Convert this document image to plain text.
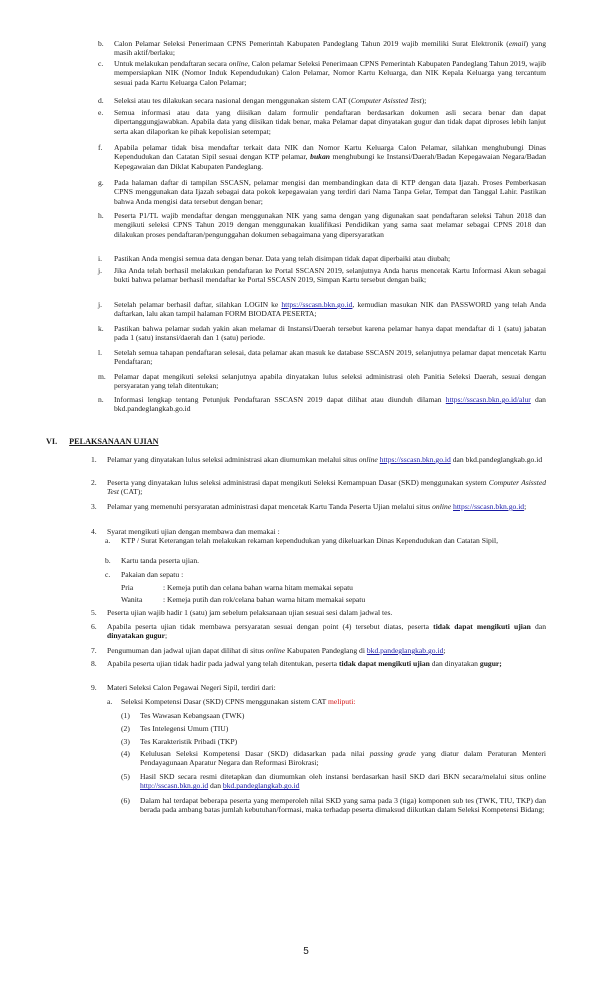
b.	Calon Pelamar Seleksi Penerimaan CPNS Pemerintah Kabupaten Pandeglang Tahun 2019 wajib memiliki Surat Elektronik (email) yang masih aktif/berlaku;
c.	Untuk melakukan pendaftaran secara online, Calon pelamar Seleksi Penerimaan CPNS Pemerintah Kabupaten Pandeglang Tahun 2019, wajib mempersiapkan NIK (Nomor Induk Kependudukan) Calon Pelamar, Nomor Kartu Keluarga, dan NIK Kepala Keluarga yang tercantum sesuai pada Kartu Keluarga Calon Pelamar;
d.	Seleksi atau tes dilakukan secara nasional dengan menggunakan sistem CAT (Computer Asissted Test);
e.	Semua informasi atau data yang diisikan dalam formulir pendaftaran berdasarkan dokumen asli secara benar dan dapat dipertanggungjawabkan. Apabila data yang diisikan tidak benar, maka Pelamar dapat dinyatakan gugur dan tidak dapat diproses lebih lanjut serta akan dilaporkan ke pihak kepolisian setempat;
f.	Apabila pelamar tidak bisa mendaftar terkait data NIK dan Nomor Kartu Keluarga Calon Pelamar, silahkan menghubungi Dinas Kependudukan dan Catatan Sipil sesuai dengan KTP pelamar, bukan menghubungi ke Instansi/Daerah/Badan Kepegawaian Negara/Badan Kepegawaian dan Diklat Kabupaten Pandeglang.
g.	Pada halaman daftar di tampilan SSCASN, pelamar mengisi dan membandingkan data di KTP dengan data Ijazah. Proses Pemberkasan CPNS menggunakan data Ijazah sebagai data pokok kepegawaian yang terdiri dari Nama Tanpa Gelar, Tempat dan Tanggal Lahir. Pastikan bahwa Anda mengisi data tersebut dengan benar;
h.	Peserta P1/TL wajib mendaftar dengan menggunakan NIK yang sama dengan yang digunakan saat pendaftaran seleksi Tahun 2018 dan mengikuti seleksi CPNS Tahun 2019 dengan menggunakan kualifikasi Pendidikan yang sama saat melamar sebagai CPNS 2018 dan dilakukan proses pendaftaran/pengunggahan dokumen sebagaimana yang dipersyaratkan
i.	Pastikan Anda mengisi semua data dengan benar. Data yang telah disimpan tidak dapat diperbaiki atau diubah;
j.	Jika Anda telah berhasil melakukan pendaftaran ke Portal SSCASN 2019, selanjutnya Anda harus mencetak Kartu Informasi Akun sebagai bukti bahwa pelamar berhasil mendaftar ke Portal SSCASN 2019, Simpan Kartu tersebut dengan baik;
j.	Setelah pelamar berhasil daftar, silahkan LOGIN ke https://sscasn.bkn.go.id, kemudian masukan NIK dan PASSWORD yang telah Anda daftarkan, lalu akan tampil halaman FORM BIODATA PESERTA;
k.	Pastikan bahwa pelamar sudah yakin akan melamar di Instansi/Daerah tersebut karena pelamar hanya dapat mendaftar di 1 (satu) jabatan pada 1 (satu) instansi/daerah dan 1 (satu) periode.
l.	Setelah semua tahapan pendaftaran selesai, data pelamar akan masuk ke database SSCASN 2019, selanjutnya pelamar dapat mencetak Kartu Pendaftaran;
m.	Pelamar dapat mengikuti seleksi selanjutnya apabila dinyatakan lulus seleksi administrasi oleh Panitia Seleksi Daerah, sesuai dengan persyaratan yang telah ditentukan;
n.	Informasi lengkap tentang Petunjuk Pendaftaran SSCASN 2019 dapat dilihat atau diunduh dilaman https://sscasn.bkn.go.id/alur dan bkd.pandeglangkab.go.id
VI. PELAKSANAAN UJIAN
1.	Pelamar yang dinyatakan lulus seleksi administrasi akan diumumkan melalui situs online https://sscasn.bkn.go.id dan bkd.pandeglangkab.go.id
2.	Peserta yang dinyatakan lulus seleksi administrasi dapat mengikuti Seleksi Kemampuan Dasar (SKD) menggunakan system Computer Asissted Test (CAT);
3.	Pelamar yang memenuhi persyaratan administrasi dapat mencetak Kartu Tanda Peserta Ujian melalui situs online https://sscasn.bkn.go.id;
4.	Syarat mengikuti ujian dengan membawa dan memakai :
a.	KTP / Surat Keterangan telah melakukan rekaman kependudukan yang dikeluarkan Dinas Kependudukan dan Catatan Sipil,
b.	Kartu tanda peserta ujian.
c.	Pakaian dan sepatu :
Pria	: Kemeja putih dan celana bahan warna hitam memakai sepatu
Wanita	: Kemeja putih dan rok/celana bahan warna hitam memakai sepatu
5.	Peserta ujian wajib hadir 1 (satu) jam sebelum pelaksanaan ujian sesuai sesi dalam jadwal tes.
6.	Apabila peserta ujian tidak membawa persyaratan sesuai dengan point (4) tersebut diatas, peserta tidak dapat mengikuti ujian dan dinyatakan gugur;
7.	Pengumuman dan jadwal ujian dapat dilihat di situs online Kabupaten Pandeglang di bkd.pandeglangkab.go.id;
8.	Apabila peserta ujian tidak hadir pada jadwal yang telah ditentukan, peserta tidak dapat mengikuti ujian dan dinyatakan gugur;
9.	Materi Seleksi Calon Pegawai Negeri Sipil, terdiri dari:
a.	Seleksi Kompetensi Dasar (SKD) CPNS menggunakan sistem CAT meliputi:
(1)	Tes Wawasan Kebangsaan (TWK)
(2)	Tes Intelegensi Umum (TIU)
(3)	Tes Karakteristik Pribadi (TKP)
(4)	Kelulusan Seleksi Kompetensi Dasar (SKD) didasarkan pada nilai passing grade yang diatur dalam Peraturan Menteri Pendayagunaan Aparatur Negara dan Reformasi Birokrasi;
(5)	Hasil SKD secara resmi ditetapkan dan diumumkan oleh instansi berdasarkan hasil SKD dari BKN secara/melalui situs online http://sscasn.bkn.go.id dan bkd.pandeglangkab.go.id
(6)	Dalam hal terdapat beberapa peserta yang memperoleh nilai SKD yang sama pada 3 (tiga) komponen sub tes (TWK, TIU, TKP) dan berada pada ambang batas jumlah kebutuhan/formasi, maka terhadap peserta dimaksud diikutkan dalam Seleksi Kompetensi Bidang;
5
